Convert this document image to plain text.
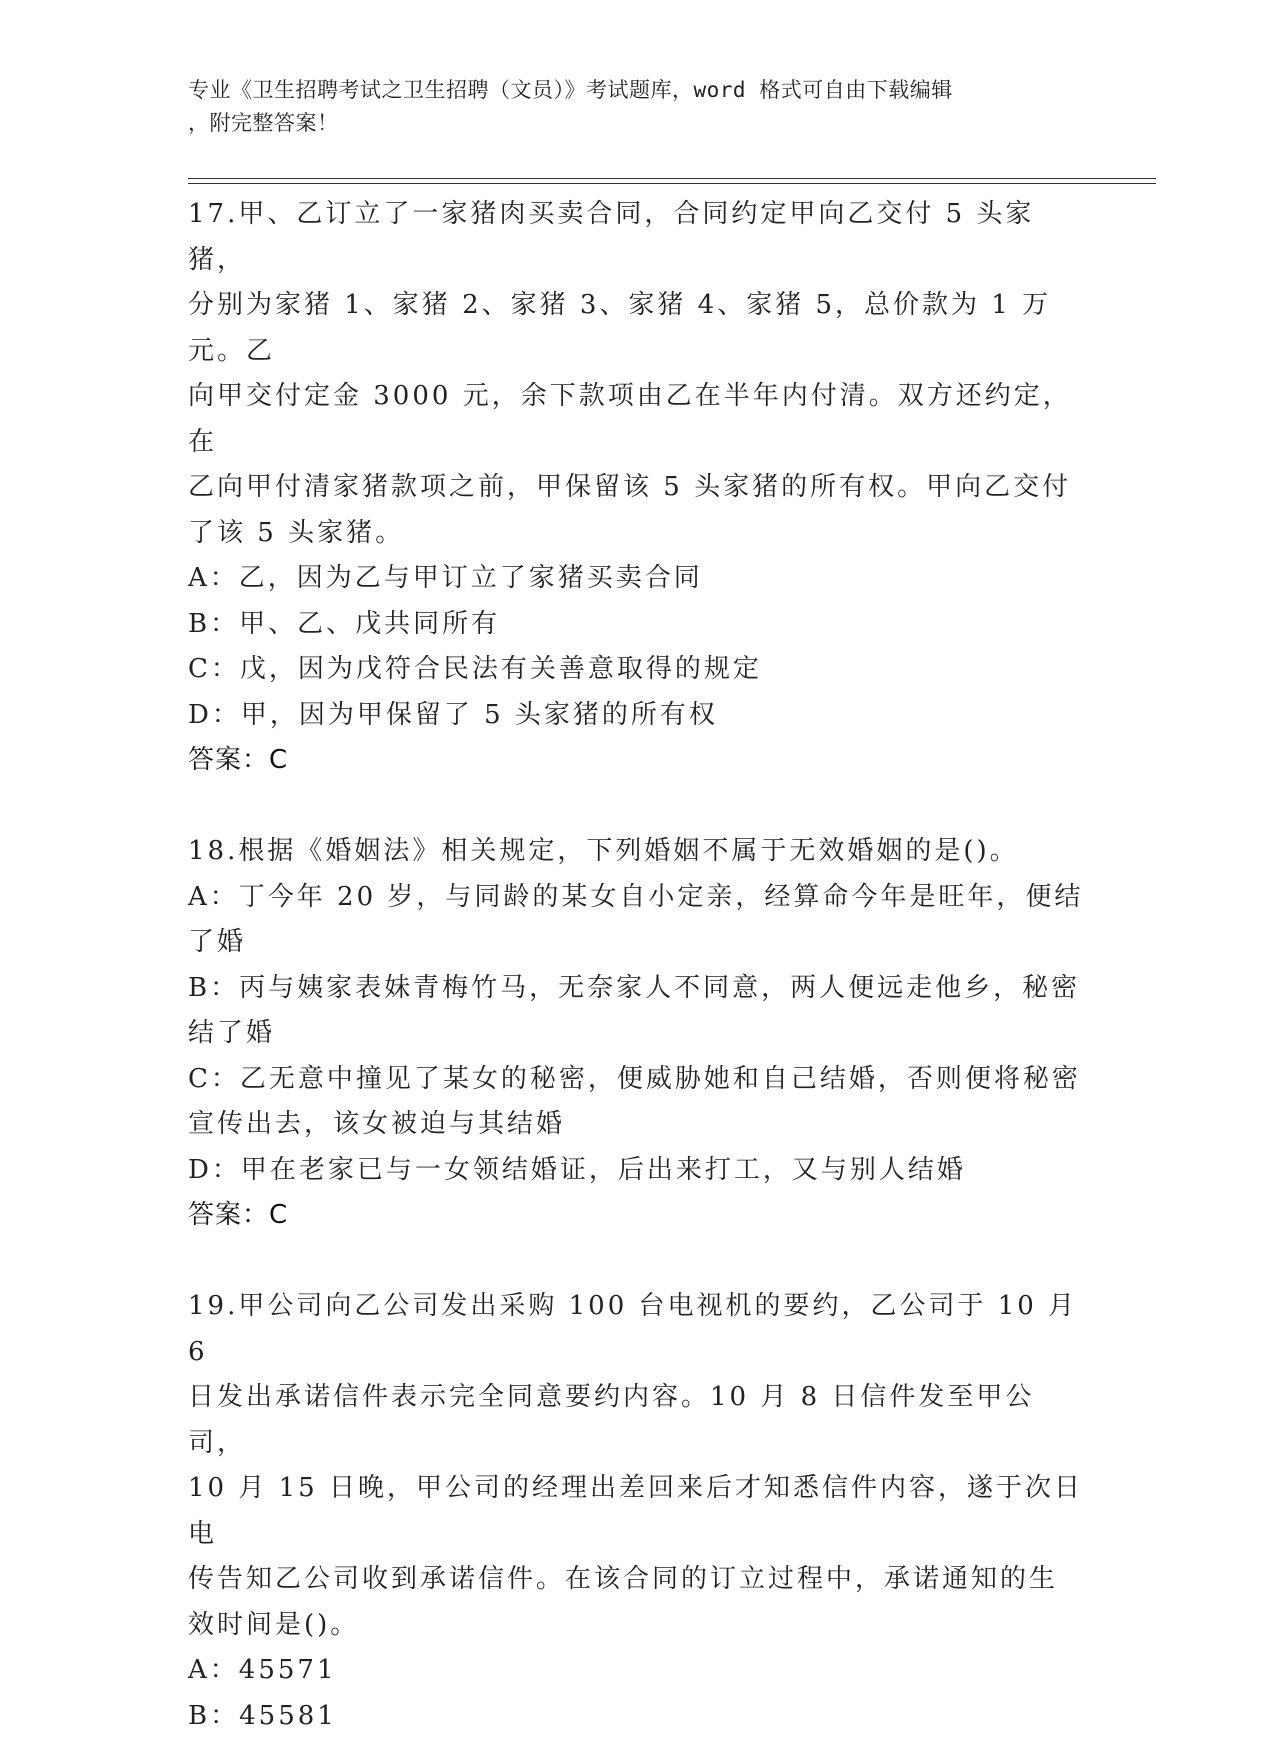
专业《卫生招聘考试之卫生招聘（文员）》考试题库，word 格式可自由下载编辑
，附完整答案！
17.甲、乙订立了一家猪肉买卖合同，合同约定甲向乙交付 5 头家猪，
分别为家猪 1、家猪 2、家猪 3、家猪 4、家猪 5，总价款为 1 万元。乙
向甲交付定金 3000 元，余下款项由乙在半年内付清。双方还约定，在
乙向甲付清家猪款项之前，甲保留该 5 头家猪的所有权。甲向乙交付
了该 5 头家猪。
A：乙，因为乙与甲订立了家猪买卖合同
B：甲、乙、戊共同所有
C：戊，因为戊符合民法有关善意取得的规定
D：甲，因为甲保留了 5 头家猪的所有权
答案：C
18.根据《婚姻法》相关规定，下列婚姻不属于无效婚姻的是()。
A：丁今年 20 岁，与同龄的某女自小定亲，经算命今年是旺年，便结
了婚
B：丙与姨家表妹青梅竹马，无奈家人不同意，两人便远走他乡，秘密
结了婚
C：乙无意中撞见了某女的秘密，便威胁她和自己结婚，否则便将秘密
宣传出去，该女被迫与其结婚
D：甲在老家已与一女领结婚证，后出来打工，又与别人结婚
答案：C
19.甲公司向乙公司发出采购 100 台电视机的要约，乙公司于 10 月 6
日发出承诺信件表示完全同意要约内容。10 月 8 日信件发至甲公司，
10 月 15 日晚，甲公司的经理出差回来后才知悉信件内容，遂于次日电
传告知乙公司收到承诺信件。在该合同的订立过程中，承诺通知的生
效时间是()。
A：45571
B：45581
